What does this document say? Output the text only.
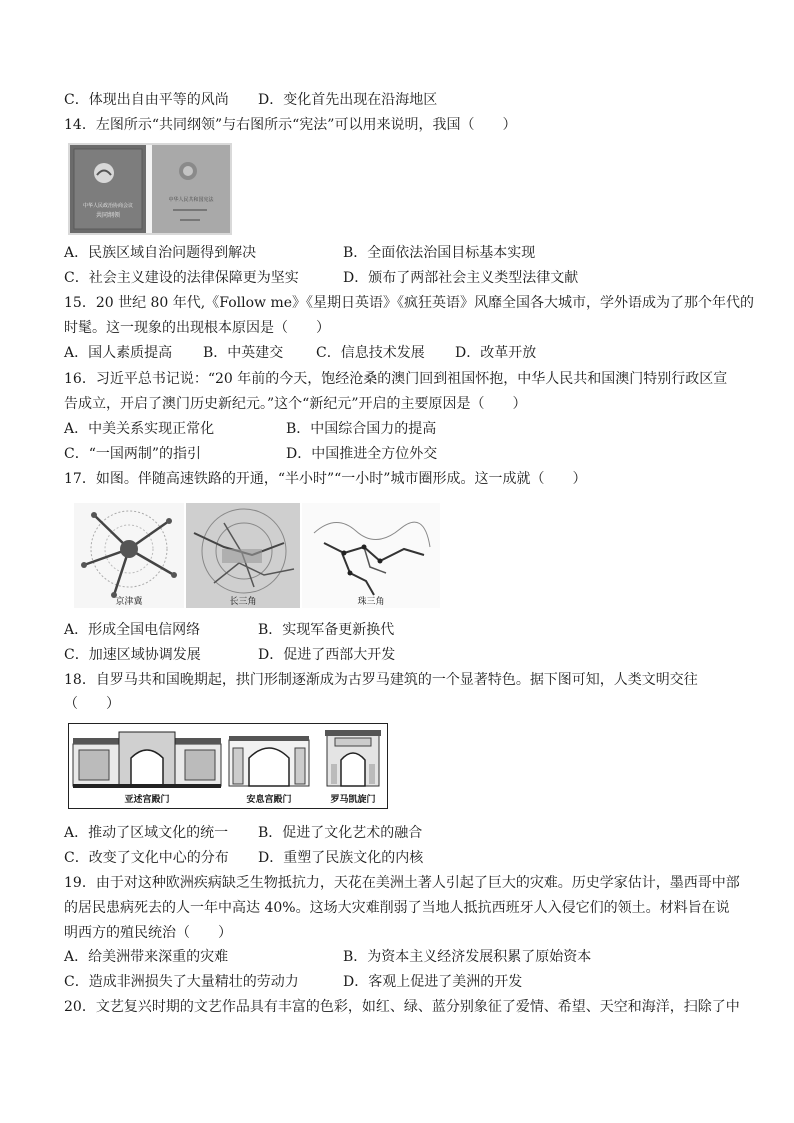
C．体现出自由平等的风尚 D．变化首先出现在沿海地区
14．左图所示“共同纲领”与右图所示“宪法”可以用来说明，我国（　　）
中华人民政治协商会议
共同纲领
中华人民共和国宪法
A．民族区域自治问题得到解决	B．全面依法治国目标基本实现
C．社会主义建设的法律保障更为坚实	D．颁布了两部社会主义类型法律文献
15．20 世纪 80 年代,《Follow me》《星期日英语》《疯狂英语》风靡全国各大城市，学外语成为了那个年代的
时髦。这一现象的出现根本原因是（　　）
A．国人素质提高 B．中英建交 C．信息技术发展 D．改革开放
16．习近平总书记说：“20 年前的今天，饱经沧桑的澳门回到祖国怀抱，中华人民共和国澳门特别行政区宣
告成立，开启了澳门历史新纪元。”这个“新纪元”开启的主要原因是（　　）
A．中美关系实现正常化	B．中国综合国力的提高
C．“一国两制”的指引	D．中国推进全方位外交
17．如图。伴随高速铁路的开通，“半小时”“一小时”城市圈形成。这一成就（　　）
京津冀	长三角	珠三角
A．形成全国电信网络	B．实现军备更新换代
C．加速区域协调发展	D．促进了西部大开发
18．自罗马共和国晚期起，拱门形制逐渐成为古罗马建筑的一个显著特色。据下图可知，人类文明交往
（　　）
亚述宫殿门	安息宫殿门	罗马凯旋门
A．推动了区域文化的统一 B．促进了文化艺术的融合
C．改变了文化中心的分布 D．重塑了民族文化的内核
19．由于对这种欧洲疾病缺乏生物抵抗力，天花在美洲土著人引起了巨大的灾难。历史学家估计，墨西哥中部
的居民患病死去的人一年中高达 40%。这场大灾难削弱了当地人抵抗西班牙人入侵它们的领土。材料旨在说
明西方的殖民统治（　　）
A．给美洲带来深重的灾难	B．为资本主义经济发展积累了原始资本
C．造成非洲损失了大量精壮的劳动力	D．客观上促进了美洲的开发
20．文艺复兴时期的文艺作品具有丰富的色彩，如红、绿、蓝分别象征了爱情、希望、天空和海洋，扫除了中
